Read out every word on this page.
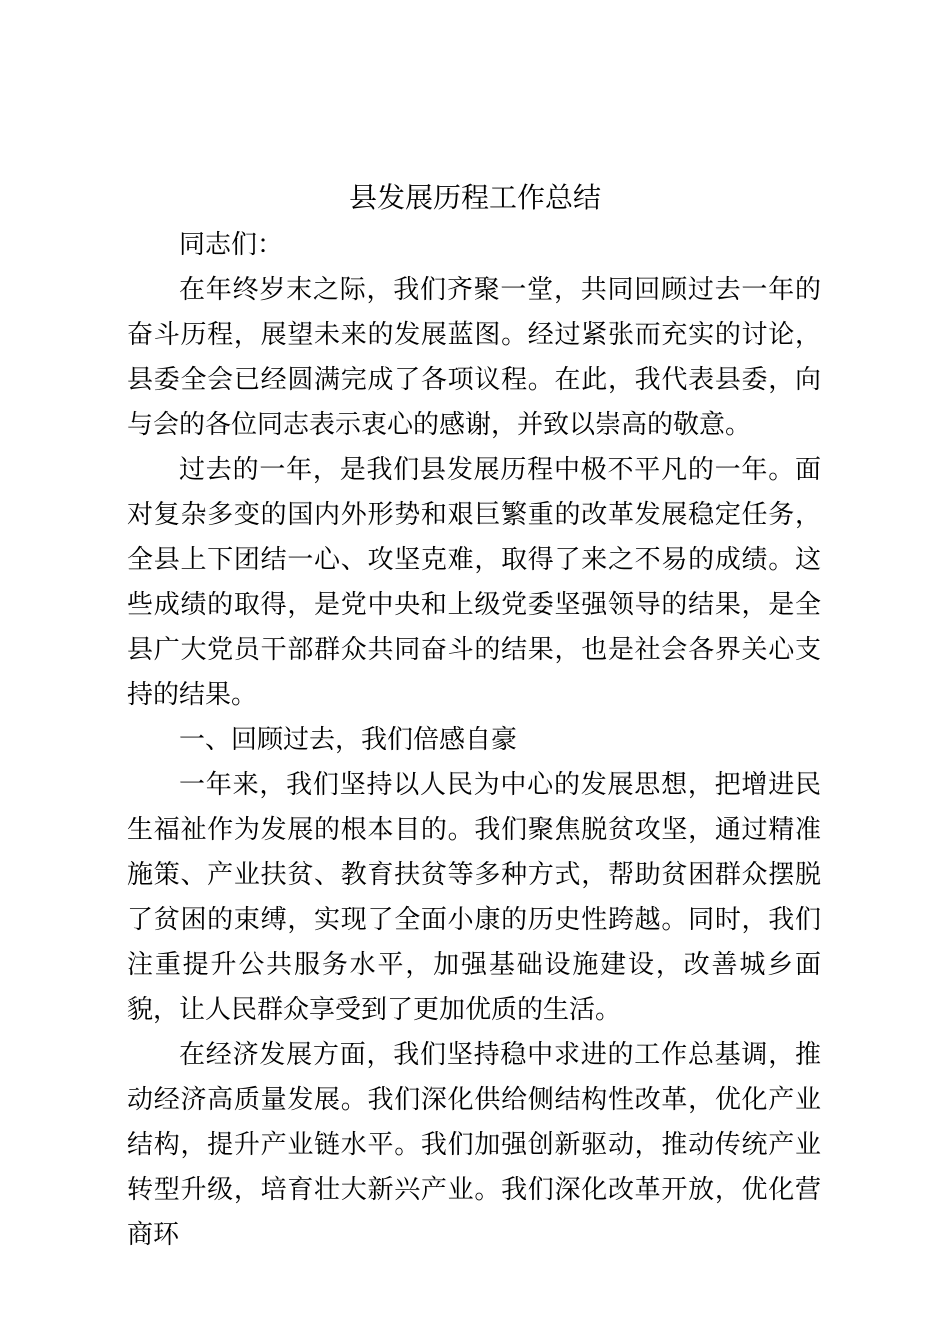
县发展历程工作总结

同志们：

在年终岁末之际，我们齐聚一堂，共同回顾过去一年的奋斗历程，展望未来的发展蓝图。经过紧张而充实的讨论，县委全会已经圆满完成了各项议程。在此，我代表县委，向与会的各位同志表示衷心的感谢，并致以崇高的敬意。

过去的一年，是我们县发展历程中极不平凡的一年。面对复杂多变的国内外形势和艰巨繁重的改革发展稳定任务，全县上下团结一心、攻坚克难，取得了来之不易的成绩。这些成绩的取得，是党中央和上级党委坚强领导的结果，是全县广大党员干部群众共同奋斗的结果，也是社会各界关心支持的结果。

一、回顾过去，我们倍感自豪

一年来，我们坚持以人民为中心的发展思想，把增进民生福祉作为发展的根本目的。我们聚焦脱贫攻坚，通过精准施策、产业扶贫、教育扶贫等多种方式，帮助贫困群众摆脱了贫困的束缚，实现了全面小康的历史性跨越。同时，我们注重提升公共服务水平，加强基础设施建设，改善城乡面貌，让人民群众享受到了更加优质的生活。

在经济发展方面，我们坚持稳中求进的工作总基调，推动经济高质量发展。我们深化供给侧结构性改革，优化产业结构，提升产业链水平。我们加强创新驱动，推动传统产业转型升级，培育壮大新兴产业。我们深化改革开放，优化营商环
